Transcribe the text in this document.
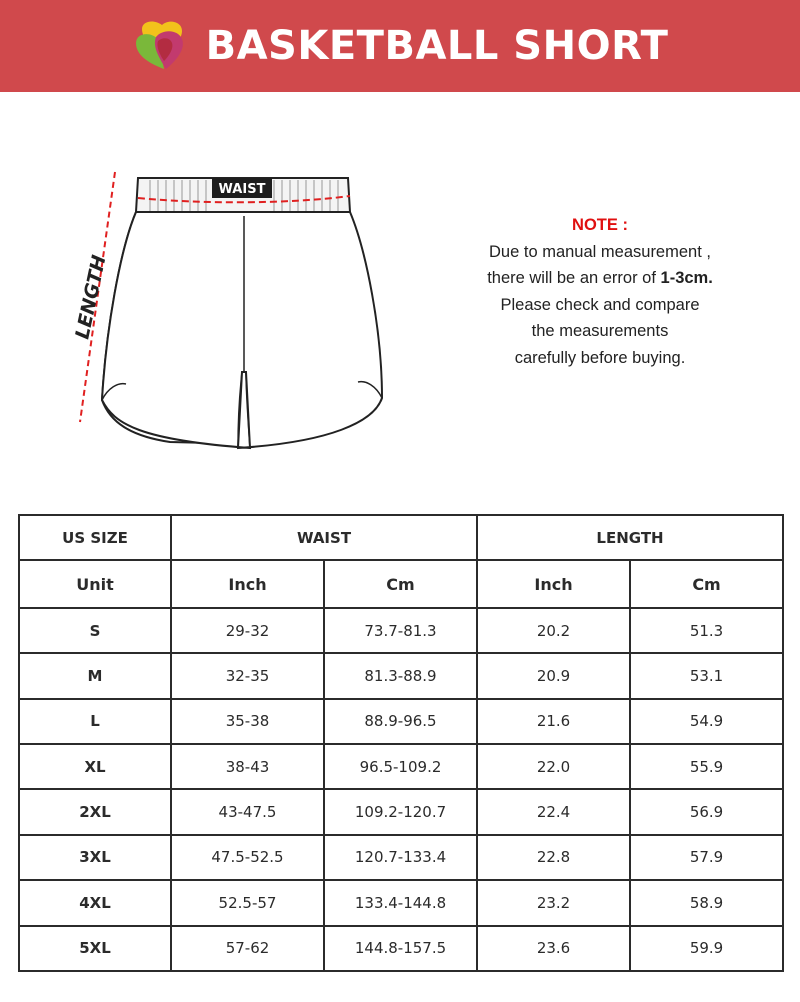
BASKETBALL SHORT
LENGTH
WAIST
NOTE :
Due to manual measurement ,
there will be an error of 1-3cm.
Please check and compare
the measurements
carefully before buying.
US SIZE	WAIST		LENGTH	
Unit	Inch	Cm	Inch	Cm
S	29-32	73.7-81.3	20.2	51.3
M	32-35	81.3-88.9	20.9	53.1
L	35-38	88.9-96.5	21.6	54.9
XL	38-43	96.5-109.2	22.0	55.9
2XL	43-47.5	109.2-120.7	22.4	56.9
3XL	47.5-52.5	120.7-133.4	22.8	57.9
4XL	52.5-57	133.4-144.8	23.2	58.9
5XL	57-62	144.8-157.5	23.6	59.9
